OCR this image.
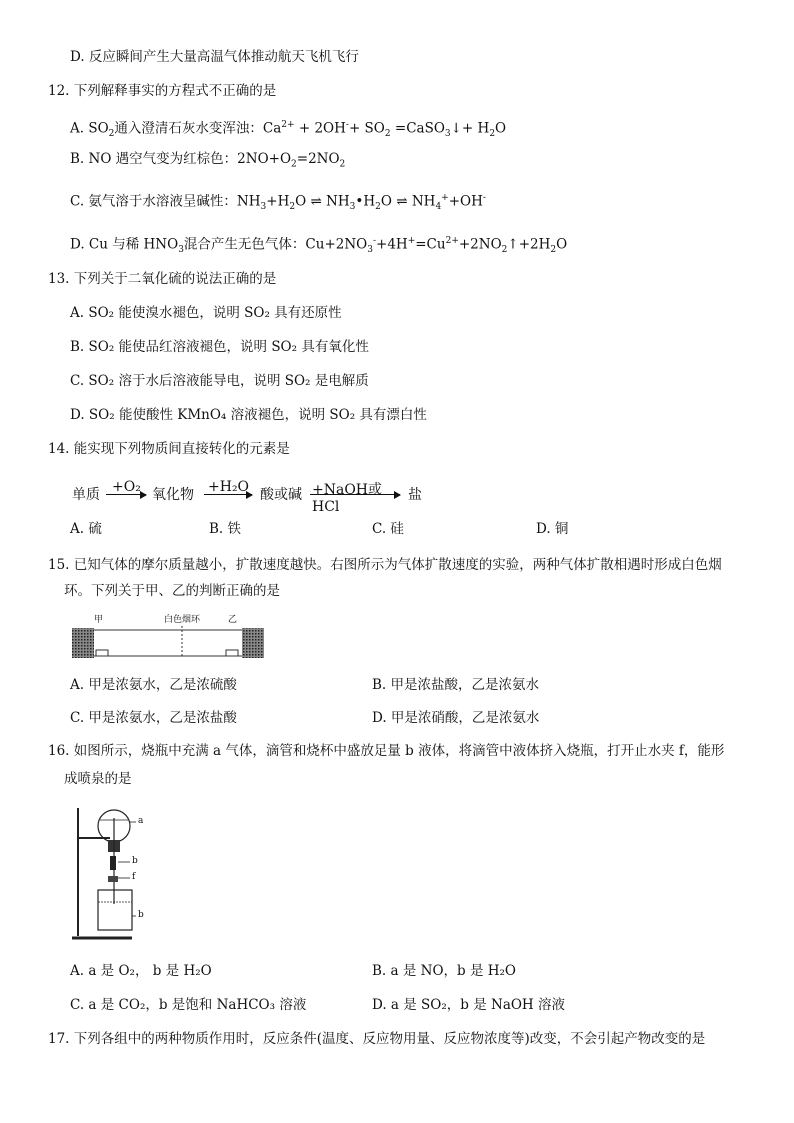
D. 反应瞬间产生大量高温气体推动航天飞机飞行
12. 下列解释事实的方程式不正确的是
A. $SO_2$通入澄清石灰水变浑浊：$Ca^{2+} + 2OH^-+ SO_2$ =CaSO$_3$↓+ $H_2O$
B. NO 遇空气变为红棕色：$2NO+O_2=2NO_2$
C. 氨气溶于水溶液呈碱性：$NH_3+H_2O$ ⇌ $NH_3•H_2O$ ⇌ $NH_4^++OH^-$
D. Cu 与稀 $HNO_3$混合产生无色气体：$Cu+2NO_3^-+4H^+=Cu^{2+}+2NO_2↑+2H_2O$
13. 下列关于二氧化硫的说法正确的是
A. SO₂ 能使溴水褪色，说明 SO₂ 具有还原性
B. SO₂ 能使品红溶液褪色，说明 SO₂ 具有氧化性
C. SO₂ 溶于水后溶液能导电，说明 SO₂ 是电解质
D. SO₂ 能使酸性 KMnO₄ 溶液褪色，说明 SO₂ 具有漂白性
14. 能实现下列物质间直接转化的元素是
单质 +O₂ 氧化物 +H₂O 酸或碱 +NaOH或HCl
盐
A. 硫	B. 铁	C. 硅	D. 铜
15. 已知气体的摩尔质量越小，扩散速度越快。右图所示为气体扩散速度的实验，两种气体扩散相遇时形成白色烟
环。下列关于甲、乙的判断正确的是
甲	白色烟环	乙
A. 甲是浓氨水，乙是浓硫酸	B. 甲是浓盐酸，乙是浓氨水
C. 甲是浓氨水，乙是浓盐酸	D. 甲是浓硝酸，乙是浓氨水
16. 如图所示，烧瓶中充满 a 气体，滴管和烧杯中盛放足量 b 液体，将滴管中液体挤入烧瓶，打开止水夹 f，能形
成喷泉的是
a
b
f
b
A. a 是 O₂， b 是 H₂O	B. a 是 NO，b 是 H₂O
C. a 是 CO₂，b 是饱和 NaHCO₃ 溶液	D. a 是 SO₂，b 是 NaOH 溶液
17. 下列各组中的两种物质作用时，反应条件(温度、反应物用量、反应物浓度等)改变，不会引起产物改变的是
